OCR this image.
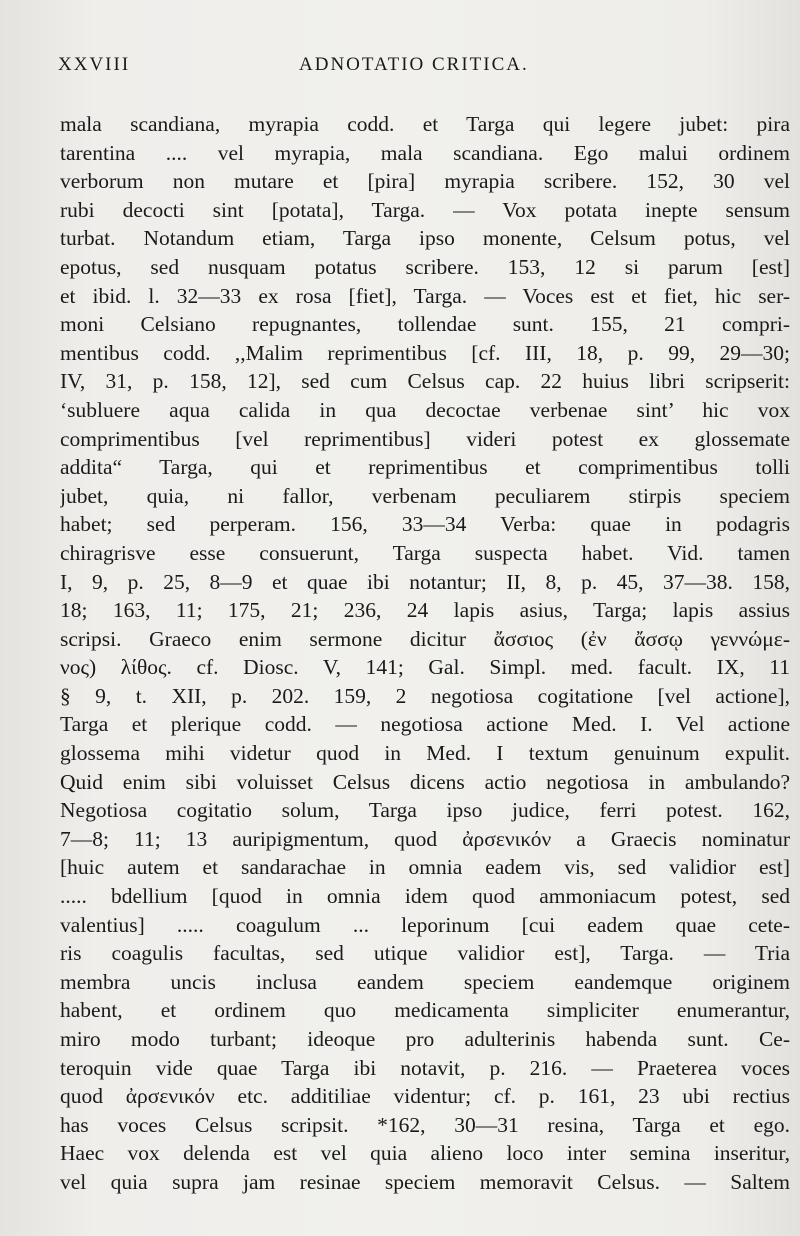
XXVIII	ADNOTATIO CRITICA.
mala scandiana, myrapia codd. et Targa qui legere jubet: pira
tarentina .... vel myrapia, mala scandiana. Ego malui ordinem
verborum non mutare et [pira] myrapia scribere. 152, 30 vel
rubi decocti sint [potata], Targa. — Vox potata inepte sensum
turbat. Notandum etiam, Targa ipso monente, Celsum potus, vel
epotus, sed nusquam potatus scribere. 153, 12 si parum [est]
et ibid. l. 32—33 ex rosa [fiet], Targa. — Voces est et fiet, hic ser-
moni Celsiano repugnantes, tollendae sunt. 155, 21 compri-
mentibus codd. ,,Malim reprimentibus [cf. III, 18, p. 99, 29—30;
IV, 31, p. 158, 12], sed cum Celsus cap. 22 huius libri scripserit:
‘subluere aqua calida in qua decoctae verbenae sint’ hic vox
comprimentibus [vel reprimentibus] videri potest ex glossemate
addita“ Targa, qui et reprimentibus et comprimentibus tolli
jubet, quia, ni fallor, verbenam peculiarem stirpis speciem
habet; sed perperam. 156, 33—34 Verba: quae in podagris
chiragrisve esse consuerunt, Targa suspecta habet. Vid. tamen
I, 9, p. 25, 8—9 et quae ibi notantur; II, 8, p. 45, 37—38. 158,
18; 163, 11; 175, 21; 236, 24 lapis asius, Targa; lapis assius
scripsi. Graeco enim sermone dicitur ἄσσιος (ἐν ἄσσῳ γεννώμε-
νος) λίθος. cf. Diosc. V, 141; Gal. Simpl. med. facult. IX, 11
§ 9, t. XII, p. 202. 159, 2 negotiosa cogitatione [vel actione],
Targa et plerique codd. — negotiosa actione Med. I. Vel actione
glossema mihi videtur quod in Med. I textum genuinum expulit.
Quid enim sibi voluisset Celsus dicens actio negotiosa in ambulando?
Negotiosa cogitatio solum, Targa ipso judice, ferri potest. 162,
7—8; 11; 13 auripigmentum, quod ἀρσενικόν a Graecis nominatur
[huic autem et sandarachae in omnia eadem vis, sed validior est]
..... bdellium [quod in omnia idem quod ammoniacum potest, sed
valentius] ..... coagulum ... leporinum [cui eadem quae cete-
ris coagulis facultas, sed utique validior est], Targa. — Tria
membra uncis inclusa eandem speciem eandemque originem
habent, et ordinem quo medicamenta simpliciter enumerantur,
miro modo turbant; ideoque pro adulterinis habenda sunt. Ce-
teroquin vide quae Targa ibi notavit, p. 216. — Praeterea voces
quod ἀρσενικόν etc. additiliae videntur; cf. p. 161, 23 ubi rectius
has voces Celsus scripsit. *162, 30—31 resina, Targa et ego.
Haec vox delenda est vel quia alieno loco inter semina inseritur,
vel quia supra jam resinae speciem memoravit Celsus. — Saltem
